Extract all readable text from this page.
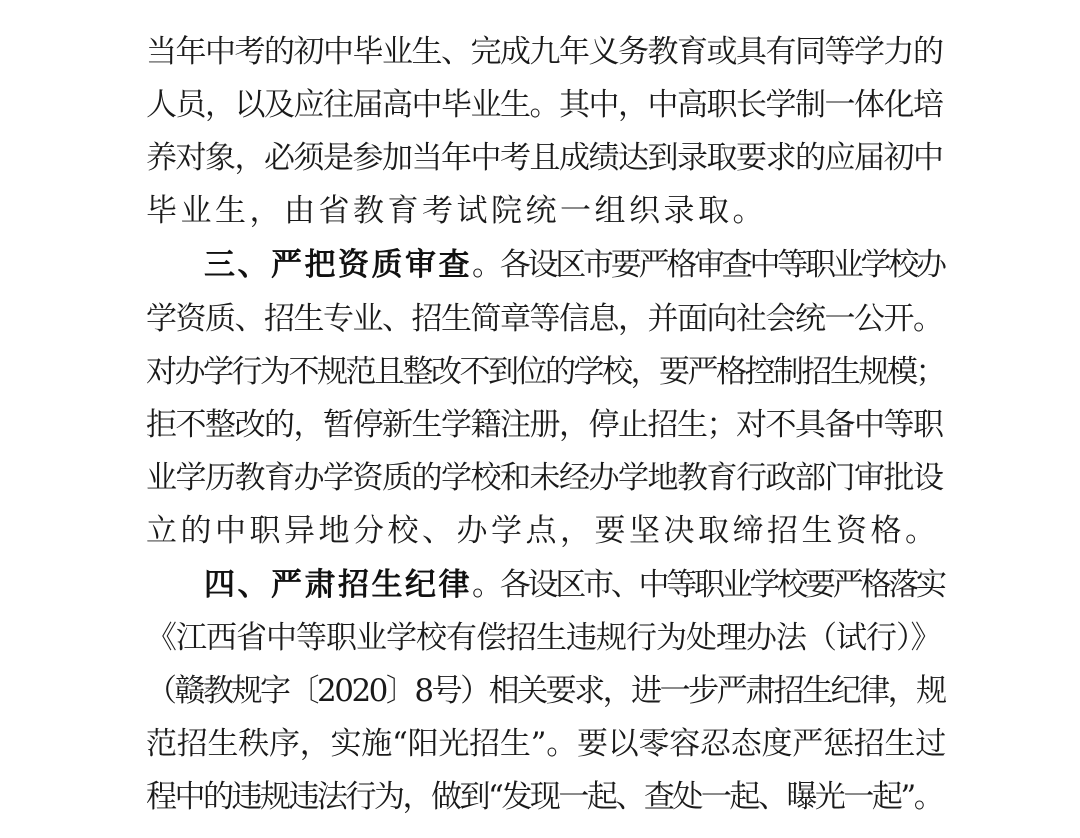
当年中考的初中毕业生、完成九年义务教育或具有同等学力的
人员，以及应往届高中毕业生。其中，中高职长学制一体化培
养对象，必须是参加当年中考且成绩达到录取要求的应届初中
毕业生，由省教育考试院统一组织录取。
三、严把资质审查。各设区市要严格审查中等职业学校办
学资质、招生专业、招生简章等信息，并面向社会统一公开。
对办学行为不规范且整改不到位的学校，要严格控制招生规模；
拒不整改的，暂停新生学籍注册，停止招生；对不具备中等职
业学历教育办学资质的学校和未经办学地教育行政部门审批设
立的中职异地分校、办学点，要坚决取缔招生资格。
四、严肃招生纪律。各设区市、中等职业学校要严格落实
《江西省中等职业学校有偿招生违规行为处理办法（试行）》
（赣教规字〔2020〕8号）相关要求，进一步严肃招生纪律，规
范招生秩序，实施“阳光招生”。要以零容忍态度严惩招生过
程中的违规违法行为，做到“发现一起、查处一起、曝光一起”。
